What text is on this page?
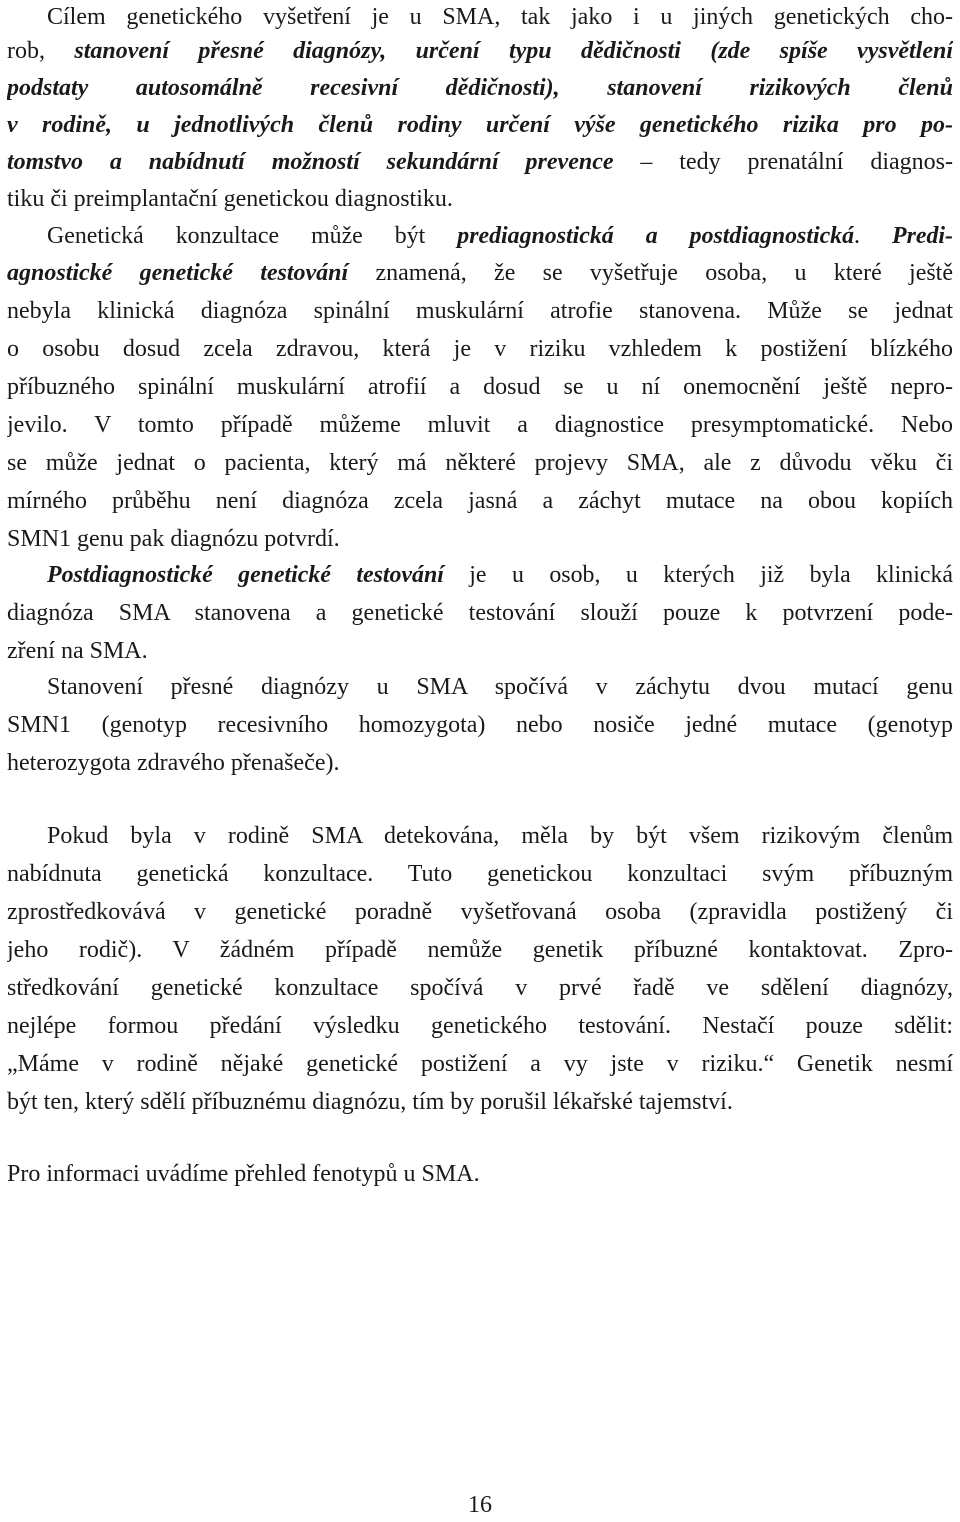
Cílem genetického vyšetření je u SMA, tak jako i u jiných genetických cho-
rob, stanovení přesné diagnózy, určení typu dědičnosti (zde spíše vysvětlení
podstaty autosomálně recesivní dědičnosti), stanovení rizikových členů
v rodině, u jednotlivých členů rodiny určení výše genetického rizika pro po-
tomstvo a nabídnutí možností sekundární prevence – tedy prenatální diagnos-
tiku či preimplantační genetickou diagnostiku.
Genetická konzultace může být prediagnostická a postdiagnostická. Predi-
agnostické genetické testování znamená, že se vyšetřuje osoba, u které ještě
nebyla klinická diagnóza spinální muskulární atrofie stanovena. Může se jednat
o osobu dosud zcela zdravou, která je v riziku vzhledem k postižení blízkého
příbuzného spinální muskulární atrofií a dosud se u ní onemocnění ještě nepro-
jevilo. V tomto případě můžeme mluvit a diagnostice presymptomatické. Nebo
se může jednat o pacienta, který má některé projevy SMA, ale z důvodu věku či
mírného průběhu není diagnóza zcela jasná a záchyt mutace na obou kopiích
SMN1 genu pak diagnózu potvrdí.
Postdiagnostické genetické testování je u osob, u kterých již byla klinická
diagnóza SMA stanovena a genetické testování slouží pouze k potvrzení pode-
zření na SMA.
Stanovení přesné diagnózy u SMA spočívá v záchytu dvou mutací genu
SMN1 (genotyp recesivního homozygota) nebo nosiče jedné mutace (genotyp
heterozygota zdravého přenašeče).
Pokud byla v rodině SMA detekována, měla by být všem rizikovým členům
nabídnuta genetická konzultace. Tuto genetickou konzultaci svým příbuzným
zprostředkovává v genetické poradně vyšetřovaná osoba (zpravidla postižený či
jeho rodič). V žádném případě nemůže genetik příbuzné kontaktovat. Zpro-
středkování genetické konzultace spočívá v prvé řadě ve sdělení diagnózy,
nejlépe formou předání výsledku genetického testování. Nestačí pouze sdělit:
„Máme v rodině nějaké genetické postižení a vy jste v riziku.“ Genetik nesmí
být ten, který sdělí příbuznému diagnózu, tím by porušil lékařské tajemství.
Pro informaci uvádíme přehled fenotypů u SMA.
16
